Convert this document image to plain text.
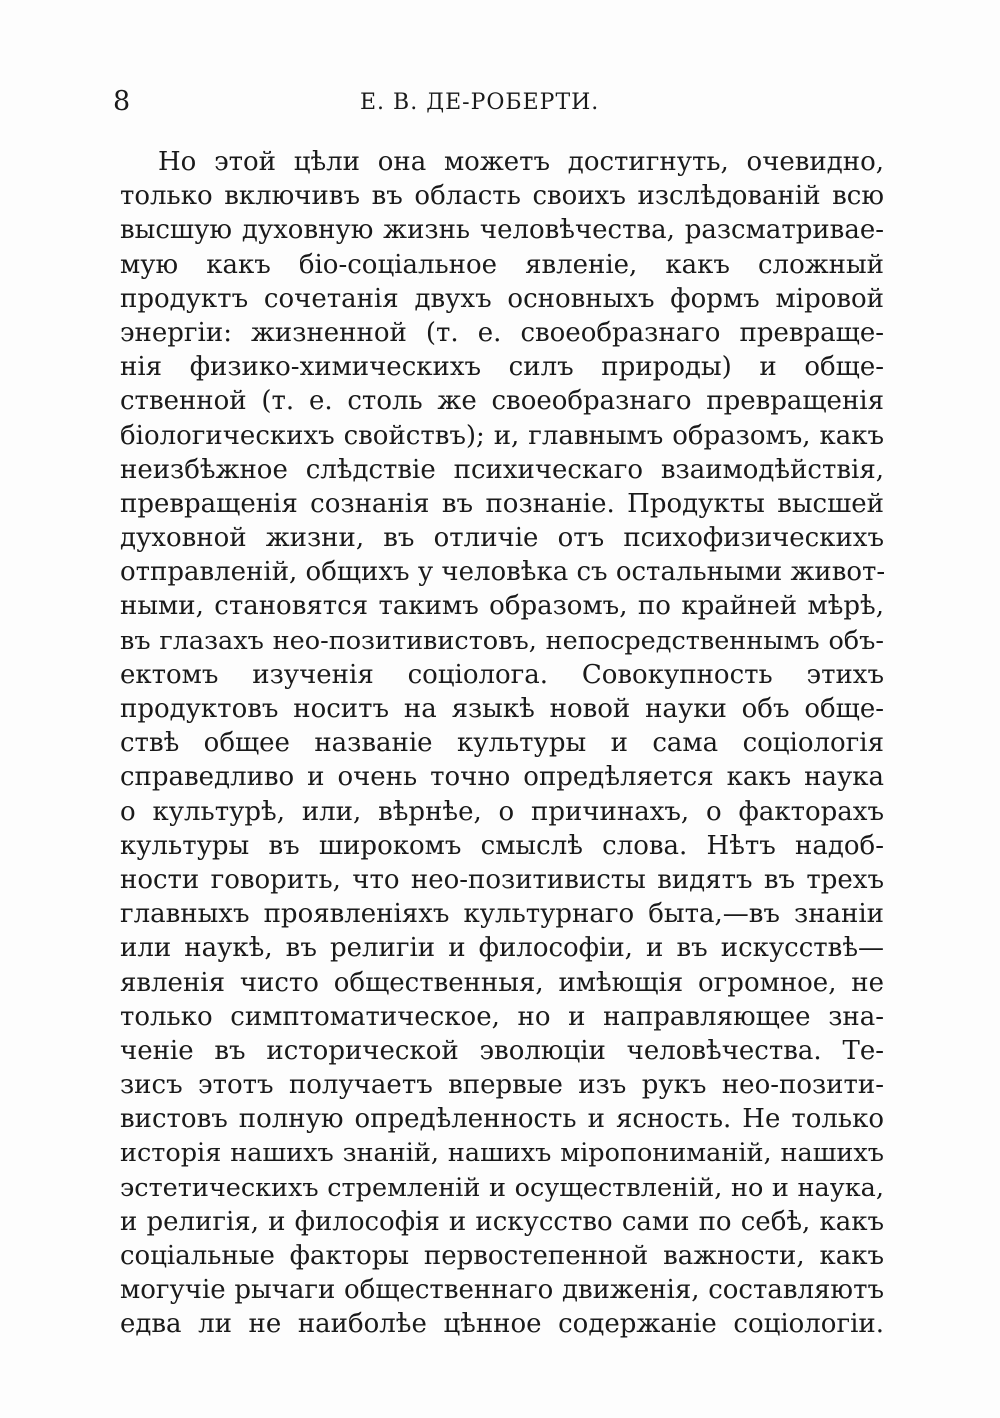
8	Е. В. ДЕ-РОБЕРТИ.
Но этой цѣли она можетъ достигнуть, очевидно,
только включивъ въ область своихъ изслѣдованій всю
высшую духовную жизнь человѣчества, разсматривае-
мую какъ біо-соціальное явленіе, какъ сложный
продуктъ сочетанія двухъ основныхъ формъ міровой
энергіи: жизненной (т. е. своеобразнаго превраще-
нія физико-химическихъ силъ природы) и обще-
ственной (т. е. столь же своеобразнаго превращенія
біологическихъ свойствъ); и, главнымъ образомъ, какъ
неизбѣжное слѣдствіе психическаго взаимодѣйствія,
превращенія сознанія въ познаніе. Продукты высшей
духовной жизни, въ отличіе отъ психофизическихъ
отправленій, общихъ у человѣка съ остальными живот-
ными, становятся такимъ образомъ, по крайней мѣрѣ,
въ глазахъ нео-позитивистовъ, непосредственнымъ объ-
ектомъ изученія соціолога. Совокупность этихъ
продуктовъ носитъ на языкѣ новой науки объ обще-
ствѣ общее названіе культуры и сама соціологія
справедливо и очень точно опредѣляется какъ наука
о культурѣ, или, вѣрнѣе, о причинахъ, о факторахъ
культуры въ широкомъ смыслѣ слова. Нѣтъ надоб-
ности говорить, что нео-позитивисты видятъ въ трехъ
главныхъ проявленіяхъ культурнаго быта,—въ знаніи
или наукѣ, въ религіи и философіи, и въ искусствѣ—
явленія чисто общественныя, имѣющія огромное, не
только симптоматическое, но и направляющее зна-
ченіе въ исторической эволюціи человѣчества. Те-
зисъ этотъ получаетъ впервые изъ рукъ нео-позити-
вистовъ полную опредѣленность и ясность. Не только
исторія нашихъ знаній, нашихъ міропониманій, нашихъ
эстетическихъ стремленій и осуществленій, но и наука,
и религія, и философія и искусство сами по себѣ, какъ
соціальные факторы первостепенной важности, какъ
могучіе рычаги общественнаго движенія, составляютъ
едва ли не наиболѣе цѣнное содержаніе соціологіи.
